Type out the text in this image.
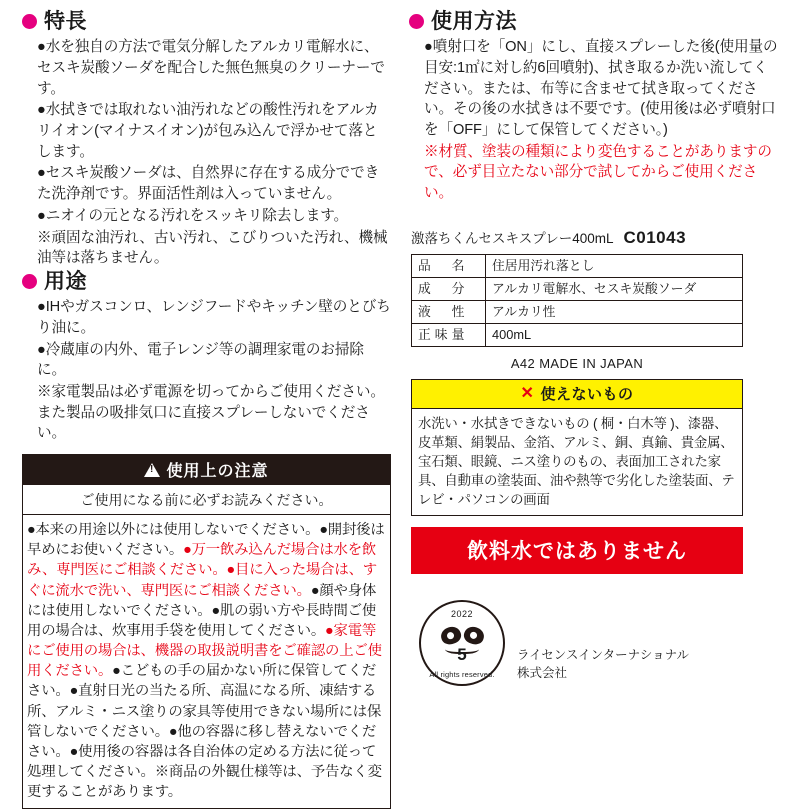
特長

●水を独自の方法で電気分解したアルカリ電解水に、セスキ炭酸ソーダを配合した無色無臭のクリーナーです。

●水拭きでは取れない油汚れなどの酸性汚れをアルカリイオン(マイナスイオン)が包み込んで浮かせて落とします。

●セスキ炭酸ソーダは、自然界に存在する成分でできた洗浄剤です。界面活性剤は入っていません。

●ニオイの元となる汚れをスッキリ除去します。

※頑固な油汚れ、古い汚れ、こびりついた汚れ、機械油等は落ちません。

用途

●IHやガスコンロ、レンジフードやキッチン壁のとびちり油に。

●冷蔵庫の内外、電子レンジ等の調理家電のお掃除に。

※家電製品は必ず電源を切ってからご使用ください。また製品の吸排気口に直接スプレーしないでください。

!
使用上の注意
ご使用になる前に必ずお読みください。
●本来の用途以外には使用しないでください。●開封後は早めにお使いください。●万一飲み込んだ場合は水を飲み、専門医にご相談ください。●目に入った場合は、すぐに流水で洗い、専門医にご相談ください。●顔や身体には使用しないでください。●肌の弱い方や長時間ご使用の場合は、炊事用手袋を使用してください。●家電等にご使用の場合は、機器の取扱説明書をご確認の上ご使用ください。●こどもの手の届かない所に保管してください。●直射日光の当たる所、高温になる所、凍結する所、アルミ・ニス塗りの家具等使用できない場所には保管しないでください。●他の容器に移し替えないでください。●使用後の容器は各自治体の定める方法に従って処理してください。※商品の外観仕様等は、予告なく変更することがあります。
使用方法

●噴射口を「ON」にし、直接スプレーした後(使用量の目安:1㎡に対し約6回噴射)、拭き取るか洗い流してください。または、布等に含ませて拭き取ってください。その後の水拭きは不要です。(使用後は必ず噴射口を「OFF」にして保管してください。)

※材質、塗装の種類により変色することがありますので、必ず目立たない部分で試してからご使用ください。

激落ちくんセスキスプレー400mL C01043
品　名	住居用汚れ落とし
成　分	アルカリ電解水、セスキ炭酸ソーダ
液　性	アルカリ性
正味量	400mL
A42 MADE IN JAPAN
✕ 使えないもの
水洗い・水拭きできないもの ( 桐・白木等 )、漆器、皮革類、絹製品、金箔、アルミ、銅、真鍮、貴金属、宝石類、眼鏡、ニス塗りのもの、表面加工された家具、自動車の塗装面、油や熱等で劣化した塗装面、テレビ・パソコンの画面
飲料水ではありません
2022
5
All rights reserved.
ライセンスインターナショナル
株式会社
